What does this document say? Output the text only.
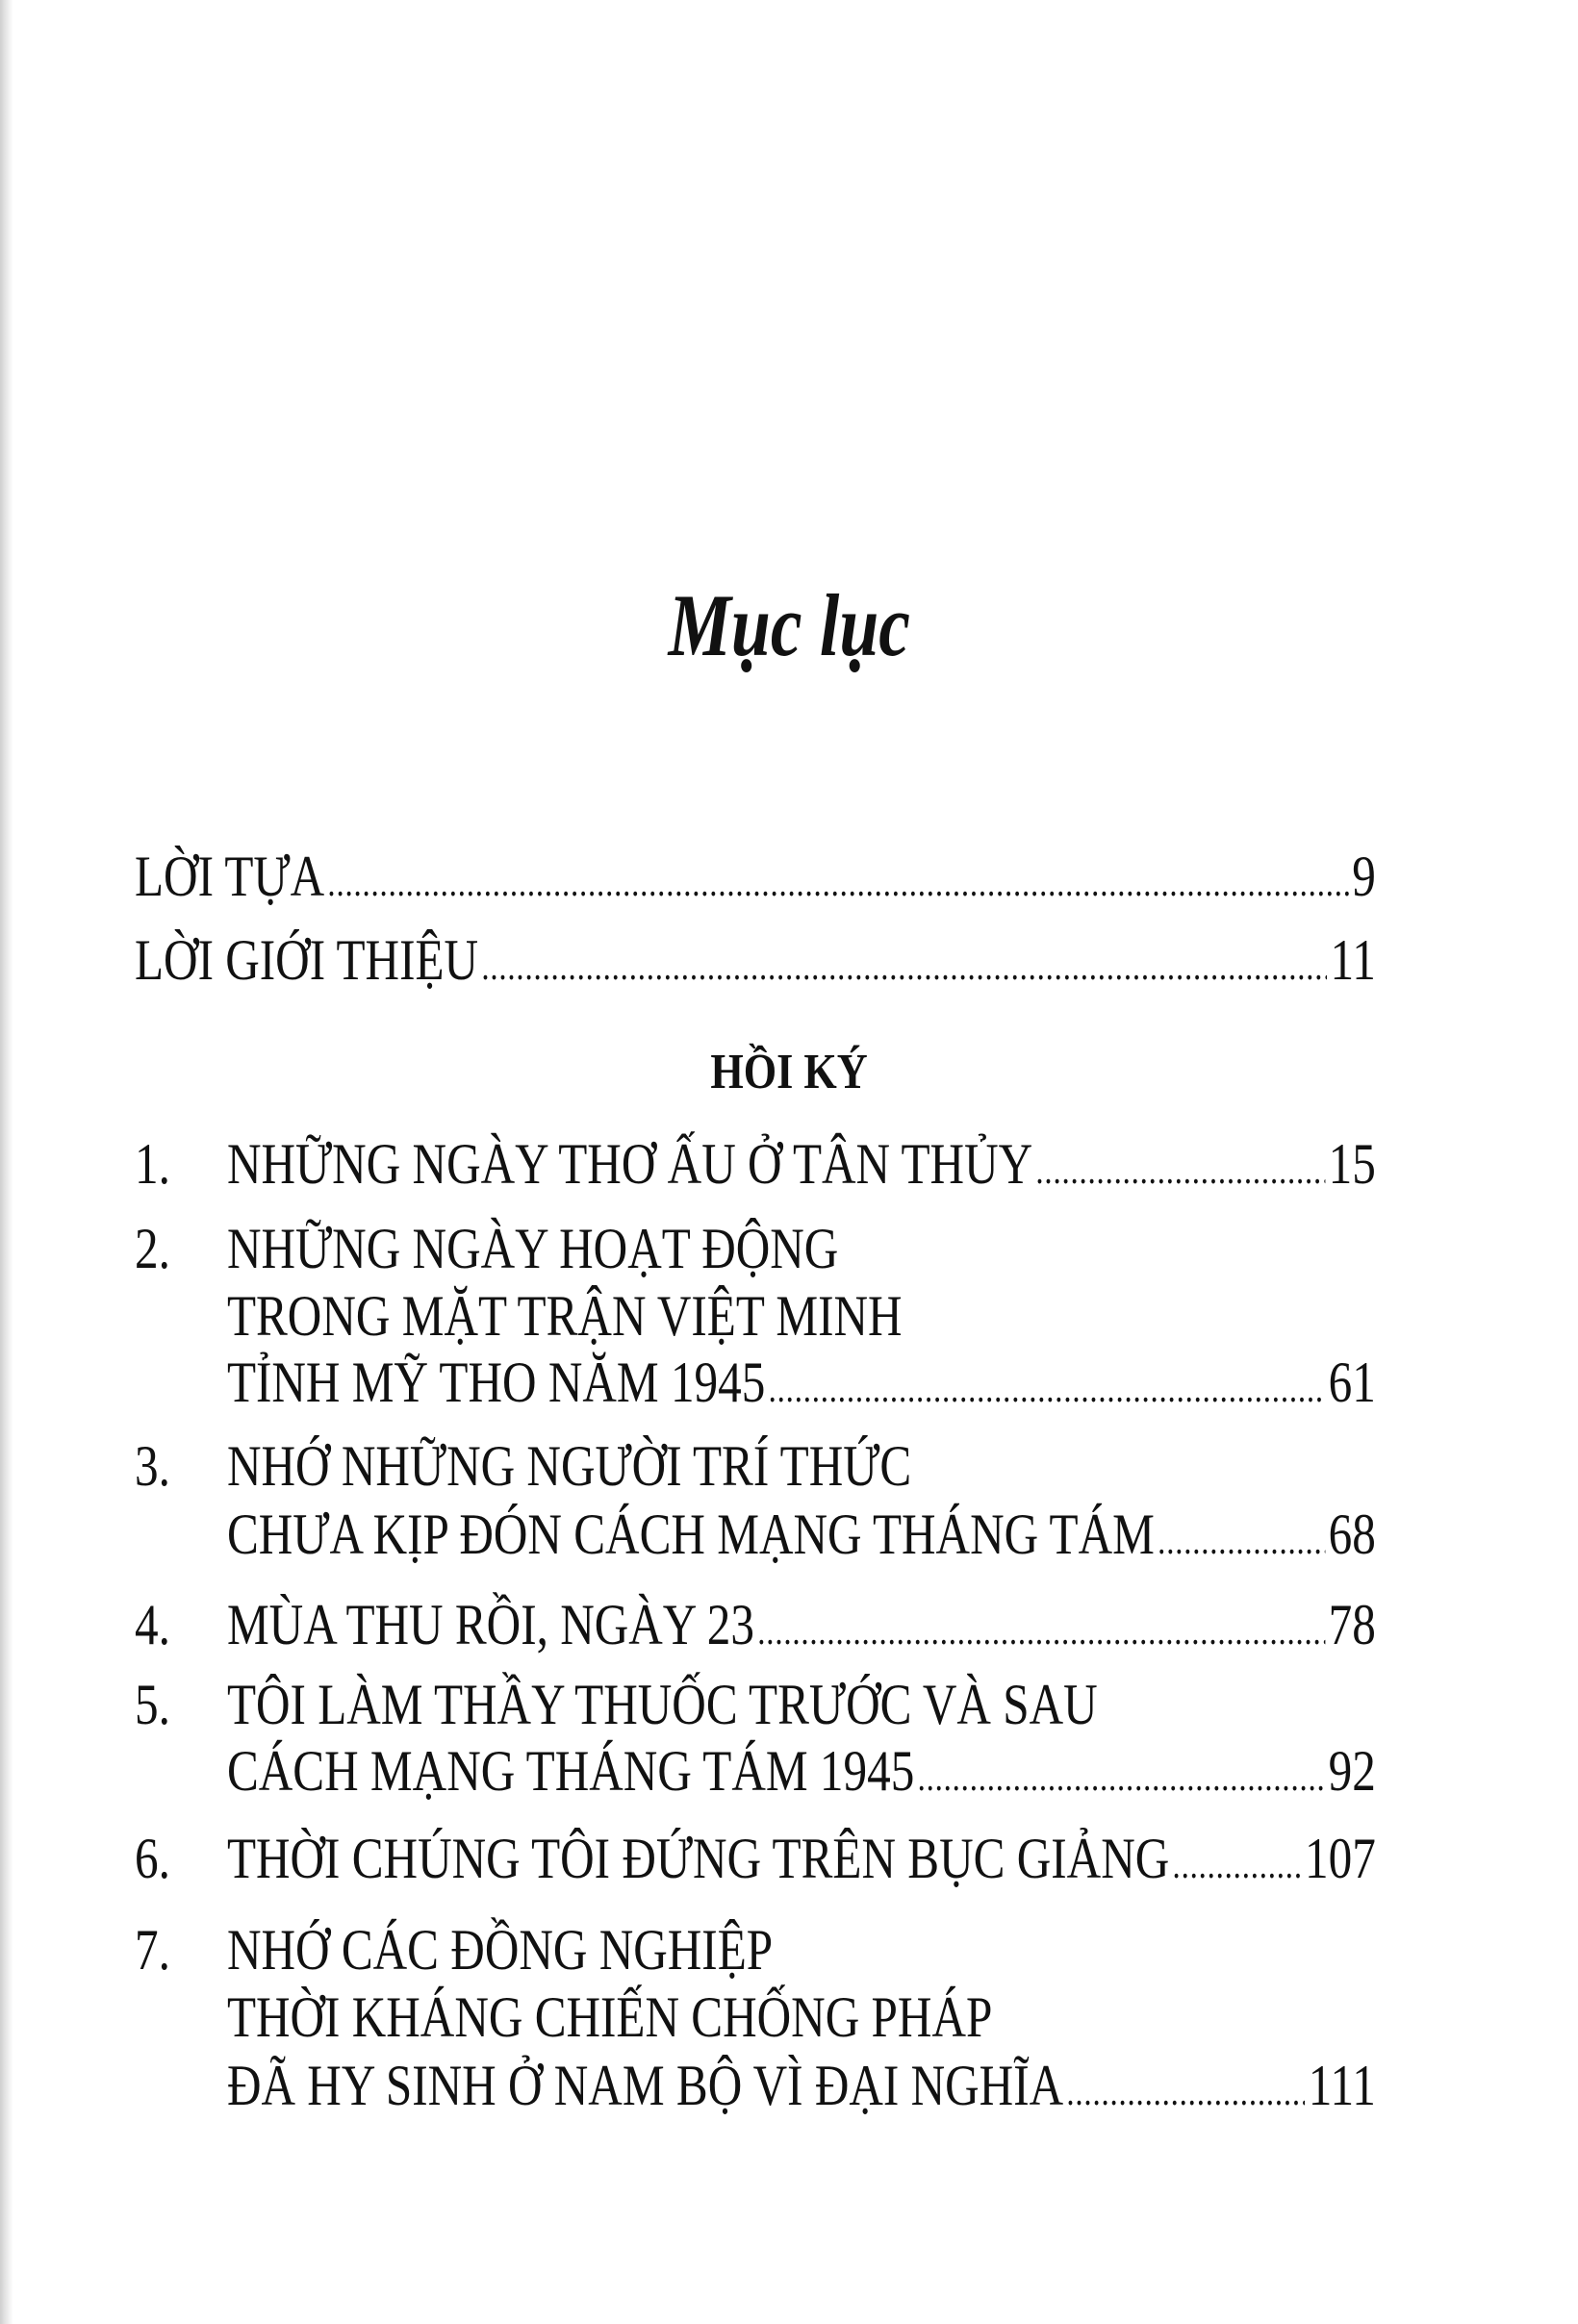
Mục lục
LỜI TỰA .....	9
LỜI GIỚI THIỆU .....	11
1. NHỮNG NGÀY THƠ ẤU Ở TÂN THỦY .....	15
2. NHỮNG NGÀY HOẠT ĐỘNG
TRONG MẶT TRẬN VIỆT MINH
TỈNH MỸ THO NĂM 1945 .....	61
3. NHỚ NHỮNG NGƯỜI TRÍ THỨC
CHƯA KỊP ĐÓN CÁCH MẠNG THÁNG TÁM .....	68
4. MÙA THU RỒI, NGÀY 23 .....	78
5. TÔI LÀM THẦY THUỐC TRƯỚC VÀ SAU
CÁCH MẠNG THÁNG TÁM 1945 .....	92
6. THỜI CHÚNG TÔI ĐỨNG TRÊN BỤC GIẢNG ..... 107
7. NHỚ CÁC ĐỒNG NGHIỆP
THỜI KHÁNG CHIẾN CHỐNG PHÁP
ĐÃ HY SINH Ở NAM BỘ VÌ ĐẠI NGHĨA .....	111
HỒI KÝ
